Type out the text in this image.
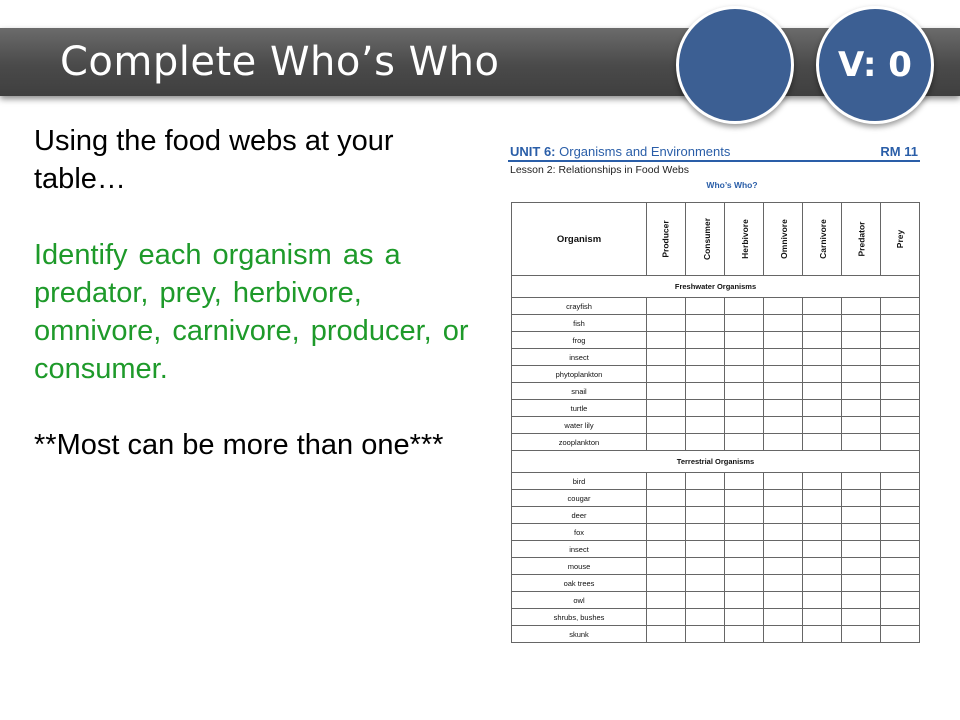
Complete Who’s Who	V: 0

Using the food webs at your table…

Identify each organism as a predator, prey, herbivore, omnivore, carnivore, producer, or consumer.

**Most can be more than one***

UNIT 6: Organisms and Environments	RM 11
Lesson 2: Relationships in Food Webs
Who’s Who?
Organism	Producer	Consumer	Herbivore	Omnivore	Carnivore	Predator	Prey
Freshwater Organisms							
crayfish							
fish							
frog							
insect							
phytoplankton							
snail							
turtle							
water lily							
zooplankton							
Terrestrial Organisms							
bird							
cougar							
deer							
fox							
insect							
mouse							
oak trees							
owl							
shrubs, bushes							
skunk							
